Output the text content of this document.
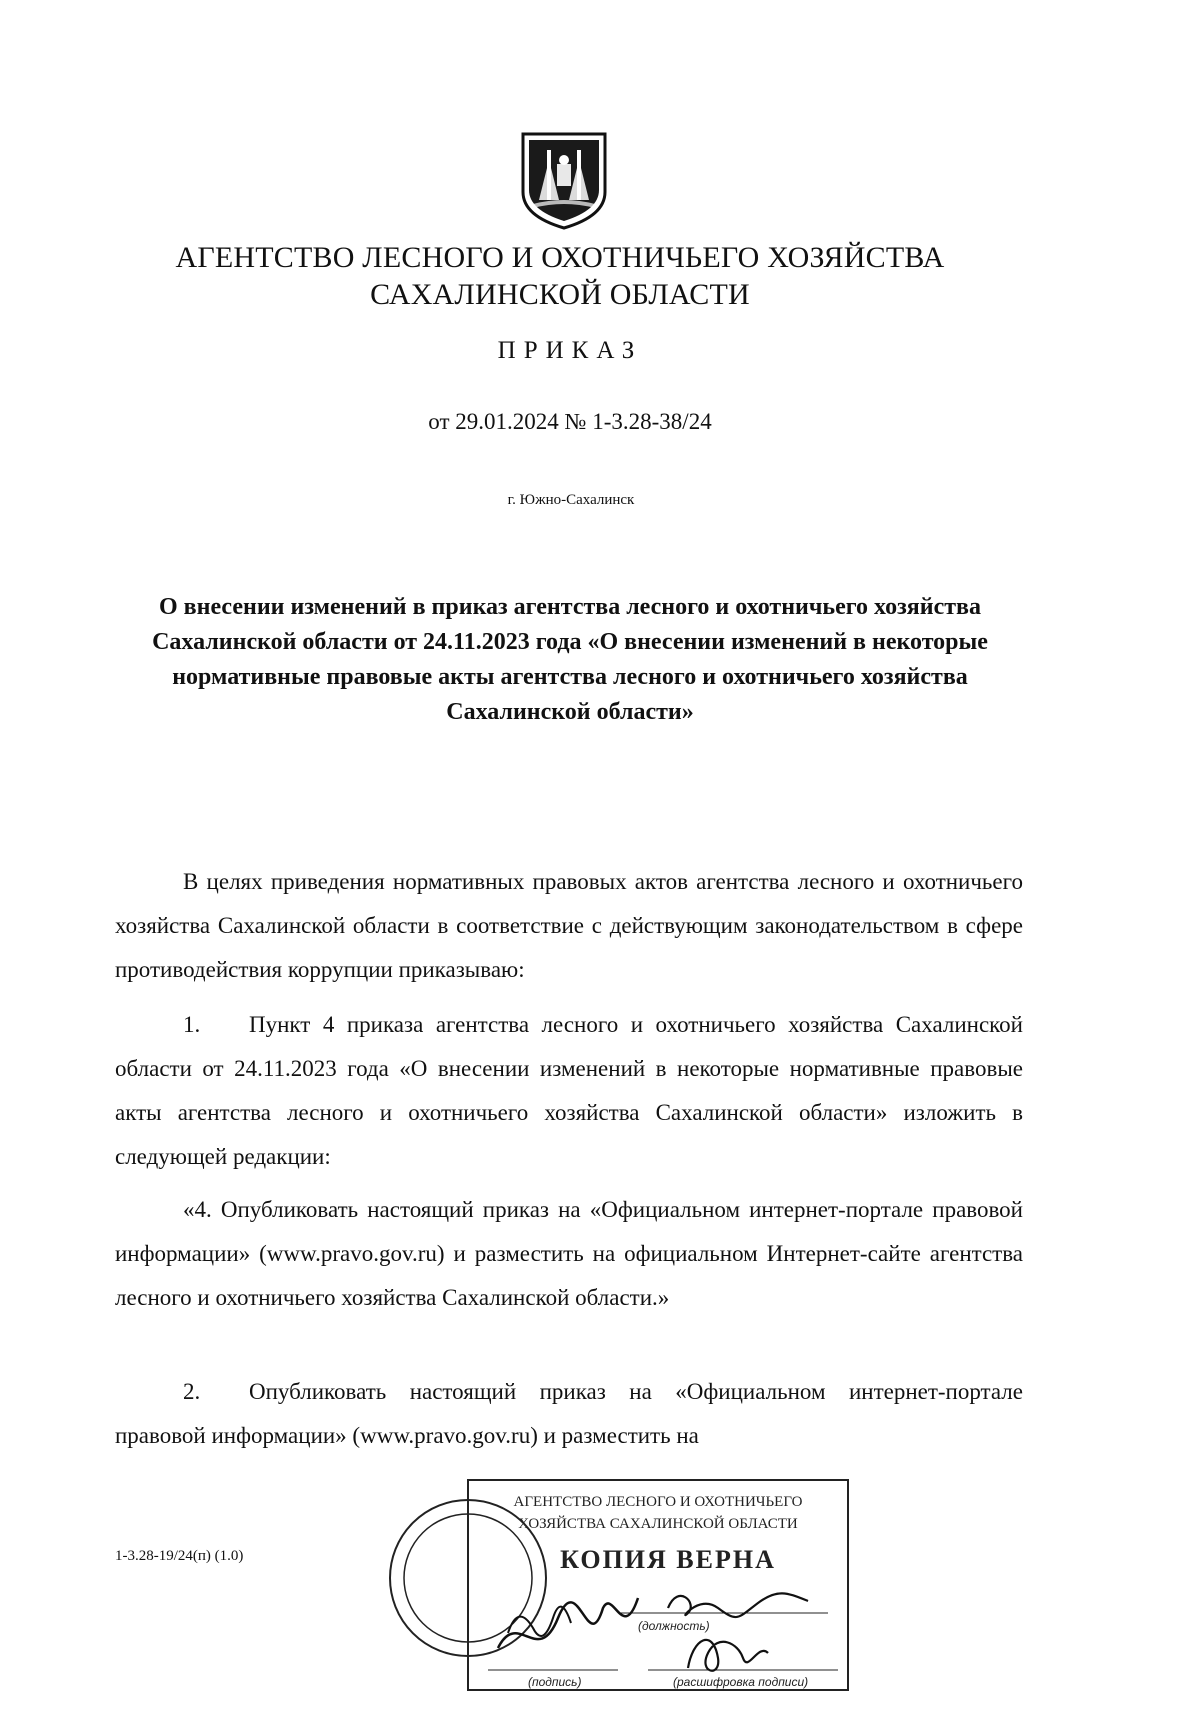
АГЕНТСТВО ЛЕСНОГО И ОХОТНИЧЬЕГО ХОЗЯЙСТВА
САХАЛИНСКОЙ ОБЛАСТИ
ПРИКАЗ
от 29.01.2024 № 1-3.28-38/24
г. Южно-Сахалинск
О внесении изменений в приказ агентства лесного и охотничьего хозяйства Сахалинской области от 24.11.2023 года «О внесении изменений в некоторые нормативные правовые акты агентства лесного и охотничьего хозяйства Сахалинской области»
В целях приведения нормативных правовых актов агентства лесного и охотничьего хозяйства Сахалинской области в соответствие с действующим законодательством в сфере противодействия коррупции приказываю:
1. Пункт 4 приказа агентства лесного и охотничьего хозяйства Сахалинской области от 24.11.2023 года «О внесении изменений в некоторые нормативные правовые акты агентства лесного и охотничьего хозяйства Сахалинской области» изложить в следующей редакции:
«4. Опубликовать настоящий приказ на «Официальном интернет-портале правовой информации» (www.pravo.gov.ru) и разместить на официальном Интернет-сайте агентства лесного и охотничьего хозяйства Сахалинской области.»
2. Опубликовать настоящий приказ на «Официальном интернет-портале правовой информации» (www.pravo.gov.ru) и разместить на
1-3.28-19/24(п) (1.0)
АГЕНТСТВО ЛЕСНОГО И ОХОТНИЧЬЕГО
ХОЗЯЙСТВА САХАЛИНСКОЙ ОБЛАСТИ
КОПИЯ ВЕРНА
(должность)
(подпись)	(расшифровка подписи)
